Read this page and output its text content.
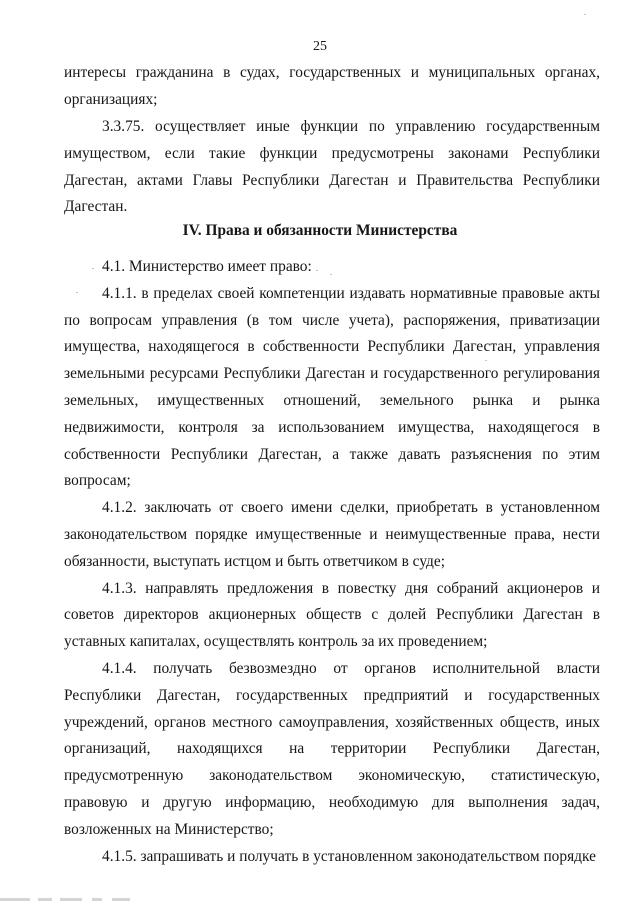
25

интересы гражданина в судах, государственных и муниципальных органах, организациях;

3.3.75. осуществляет иные функции по управлению государственным имуществом, если такие функции предусмотрены законами Республики Дагестан, актами Главы Республики Дагестан и Правительства Республики Дагестан.

IV. Права и обязанности Министерства

4.1. Министерство имеет право:

4.1.1. в пределах своей компетенции издавать нормативные правовые акты по вопросам управления (в том числе учета), распоряжения, приватизации имущества, находящегося в собственности Республики Дагестан, управления земельными ресурсами Республики Дагестан и государственного регулирования земельных, имущественных отношений, земельного рынка и рынка недвижимости, контроля за использованием имущества, находящегося в собственности Республики Дагестан, а также давать разъяснения по этим вопросам;

4.1.2. заключать от своего имени сделки, приобретать в установленном законодательством порядке имущественные и неимущественные права, нести обязанности, выступать истцом и быть ответчиком в суде;

4.1.3. направлять предложения в повестку дня собраний акционеров и советов директоров акционерных обществ с долей Республики Дагестан в уставных капиталах, осуществлять контроль за их проведением;

4.1.4. получать безвозмездно от органов исполнительной власти Республики Дагестан, государственных предприятий и государственных учреждений, органов местного самоуправления, хозяйственных обществ, иных организаций, находящихся на территории Республики Дагестан, предусмотренную законодательством экономическую, статистическую, правовую и другую информацию, необходимую для выполнения задач, возложенных на Министерство;

4.1.5. запрашивать и получать в установленном законодательством порядке
